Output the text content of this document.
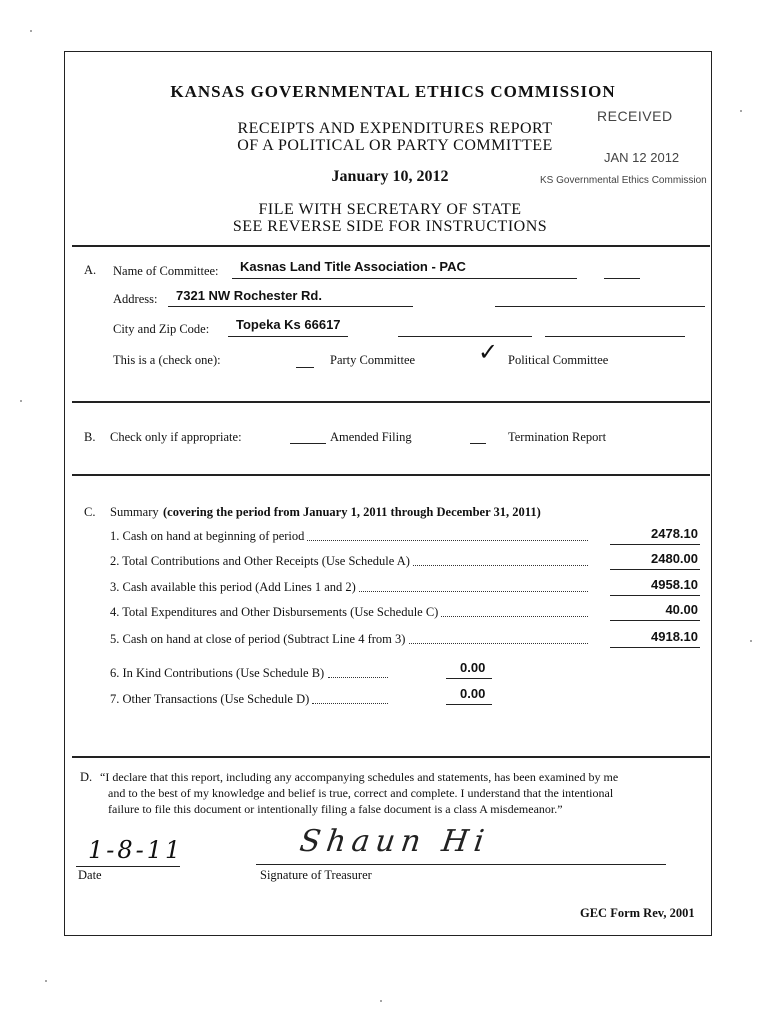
KANSAS GOVERNMENTAL ETHICS COMMISSION
RECEIPTS AND EXPENDITURES REPORT
OF A POLITICAL OR PARTY COMMITTEE
January 10, 2012
FILE WITH SECRETARY OF STATE
SEE REVERSE SIDE FOR INSTRUCTIONS
RECEIVED
JAN 12 2012
KS Governmental Ethics Commission
A. Name of Committee: Kasnas Land Title Association - PAC
Address: 7321 NW Rochester Rd.
City and Zip Code: Topeka Ks 66617
This is a (check one):	Party Committee	✓ Political Committee
B. Check only if appropriate:	Amended Filing	Termination Report
C. Summary (covering the period from January 1, 2011 through December 31, 2011)
1. Cash on hand at beginning of period	2478.10
2. Total Contributions and Other Receipts (Use Schedule A)	2480.00
3. Cash available this period (Add Lines 1 and 2)	4958.10
4. Total Expenditures and Other Disbursements (Use Schedule C)	40.00
5. Cash on hand at close of period (Subtract Line 4 from 3)	4918.10
6. In Kind Contributions (Use Schedule B)	0.00
7. Other Transactions (Use Schedule D)	0.00
D. “I declare that this report, including any accompanying schedules and statements, has been examined by me
and to the best of my knowledge and belief is true, correct and complete. I understand that the intentional
failure to file this document or intentionally filing a false document is a class A misdemeanor.”
1-8-11
Date
Shaun Hi
Signature of Treasurer
GEC Form Rev, 2001
